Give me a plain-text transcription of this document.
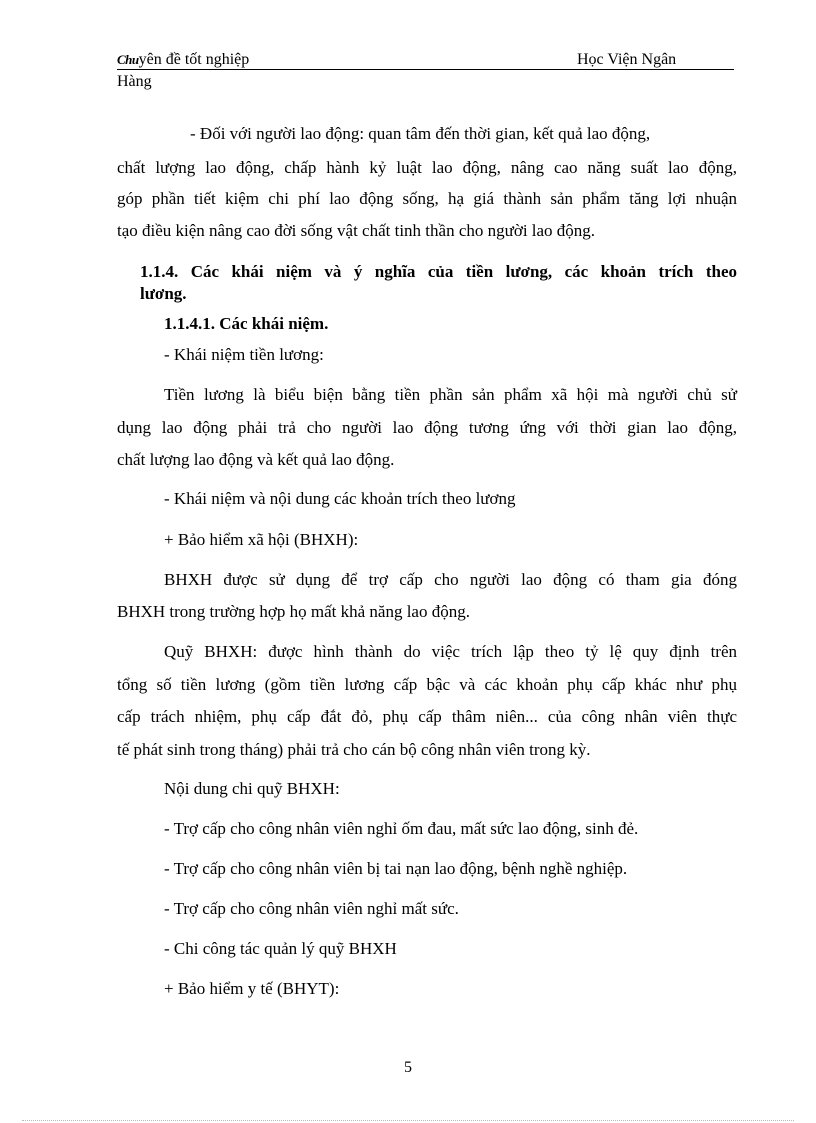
Chuyên đề tốt nghiệp	Học Viện Ngân
Hàng
- Đối với người lao động: quan tâm đến thời gian, kết quả lao động,
chất lượng lao động, chấp hành kỷ luật lao động, nâng cao năng suất lao động,
góp phần tiết kiệm chi phí lao động sống, hạ giá thành sản phẩm tăng lợi nhuận
tạo điều kiện nâng cao đời sống vật chất tinh thần cho người lao động.
1.1.4. Các khái niệm và ý nghĩa của tiền lương, các khoản trích theo
lương.
1.1.4.1. Các khái niệm.
- Khái niệm tiền lương:
Tiền lương là biểu biện bằng tiền phần sản phẩm xã hội mà người chủ sử
dụng lao động phải trả cho người lao động tương ứng với thời gian lao động,
chất lượng lao động và kết quả lao động.
- Khái niệm và nội dung các khoản trích theo lương
+ Bảo hiểm xã hội (BHXH):
BHXH được sử dụng để trợ cấp cho người lao động có tham gia đóng
BHXH trong trường hợp họ mất khả năng lao động.
Quỹ BHXH: được hình thành do việc trích lập theo tỷ lệ quy định trên
tổng số tiền lương (gồm tiền lương cấp bậc và các khoản phụ cấp khác như phụ
cấp trách nhiệm, phụ cấp đắt đỏ, phụ cấp thâm niên... của công nhân viên thực
tế phát sinh trong tháng) phải trả cho cán bộ công nhân viên trong kỳ.
Nội dung chi quỹ BHXH:
- Trợ cấp cho công nhân viên nghỉ ốm đau, mất sức lao động, sinh đẻ.
- Trợ cấp cho công nhân viên bị tai nạn lao động, bệnh nghề nghiệp.
- Trợ cấp cho công nhân viên nghỉ mất sức.
- Chi công tác quản lý quỹ BHXH
+ Bảo hiểm y tế (BHYT):
5
